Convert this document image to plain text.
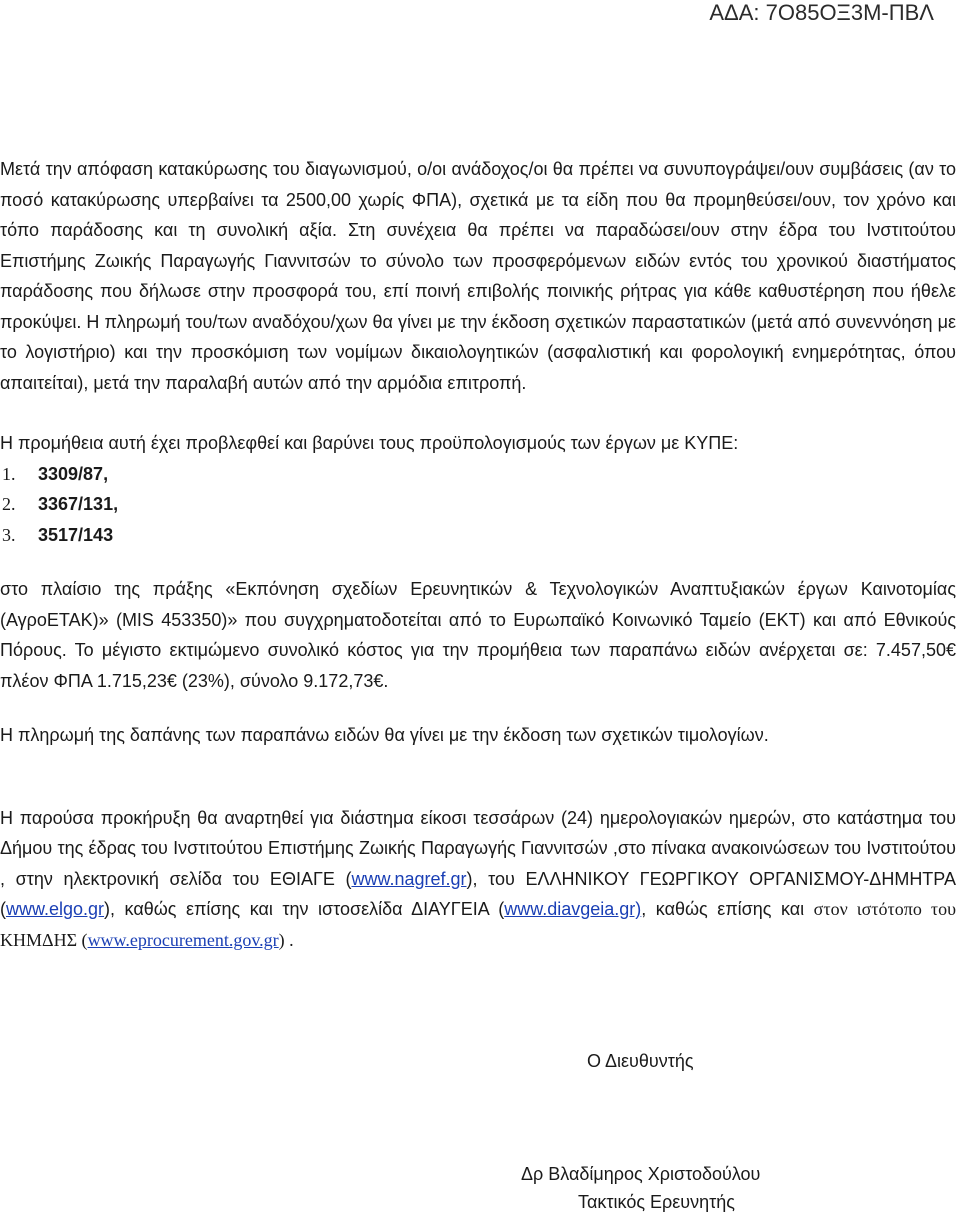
ΑΔΑ: 7Ο85ΟΞ3Μ-ΠΒΛ

Μετά την απόφαση κατακύρωσης του διαγωνισμού, ο/οι ανάδοχος/οι θα πρέπει να συνυπογράψει/ουν συμβάσεις (αν το ποσό κατακύρωσης υπερβαίνει τα 2500,00 χωρίς ΦΠΑ), σχετικά με τα είδη που θα προμηθεύσει/ουν, τον χρόνο και τόπο παράδοσης και τη συνολική αξία. Στη συνέχεια θα πρέπει να παραδώσει/ουν στην έδρα του Ινστιτούτου Επιστήμης Ζωικής Παραγωγής Γιαννιτσών το σύνολο των προσφερόμενων ειδών εντός του χρονικού διαστήματος παράδοσης που δήλωσε στην προσφορά του, επί ποινή επιβολής ποινικής ρήτρας για κάθε καθυστέρηση που ήθελε προκύψει. Η πληρωμή του/των αναδόχου/χων θα γίνει με την έκδοση σχετικών παραστατικών (μετά από συνεννόηση με το λογιστήριο) και την προσκόμιση των νομίμων δικαιολογητικών (ασφαλιστική και φορολογική ενημερότητας, όπου απαιτείται), μετά την παραλαβή αυτών από την αρμόδια επιτροπή.

Η προμήθεια αυτή έχει προβλεφθεί και βαρύνει τους προϋπολογισμούς των έργων με ΚΥΠΕ:

1. 3309/87,
2. 3367/131,
3. 3517/143

στο πλαίσιο της πράξης «Εκπόνηση σχεδίων Ερευνητικών & Τεχνολογικών Αναπτυξιακών έργων Καινοτομίας (ΑγροΕΤΑΚ)» (MIS 453350)» που συγχρηματοδοτείται από το Ευρωπαϊκό Κοινωνικό Ταμείο (ΕΚΤ) και από Εθνικούς Πόρους. Το μέγιστο εκτιμώμενο συνολικό κόστος για την προμήθεια των παραπάνω ειδών ανέρχεται σε: 7.457,50€ πλέον ΦΠΑ 1.715,23€ (23%), σύνολο 9.172,73€.

Η πληρωμή της δαπάνης των παραπάνω ειδών θα γίνει με την έκδοση των σχετικών τιμολογίων.

Η παρούσα προκήρυξη θα αναρτηθεί για διάστημα είκοσι τεσσάρων (24) ημερολογιακών ημερών, στο κατάστημα του Δήμου της έδρας του Ινστιτούτου Επιστήμης Ζωικής Παραγωγής Γιαννιτσών ,στο πίνακα ανακοινώσεων του Ινστιτούτου , στην ηλεκτρονική σελίδα του ΕΘΙΑΓΕ (www.nagref.gr), του ΕΛΛΗΝΙΚΟΥ ΓΕΩΡΓΙΚΟΥ ΟΡΓΑΝΙΣΜΟΥ-ΔΗΜΗΤΡΑ (www.elgo.gr), καθώς επίσης και την ιστοσελίδα ΔΙΑΥΓΕΙΑ (www.diavgeia.gr), καθώς επίσης και στον ιστότοπο του ΚΗΜΔΗΣ (www.eprocurement.gov.gr) .

Ο Διευθυντής
Δρ Βλαδίμηρος Χριστοδούλου
Τακτικός Ερευνητής
